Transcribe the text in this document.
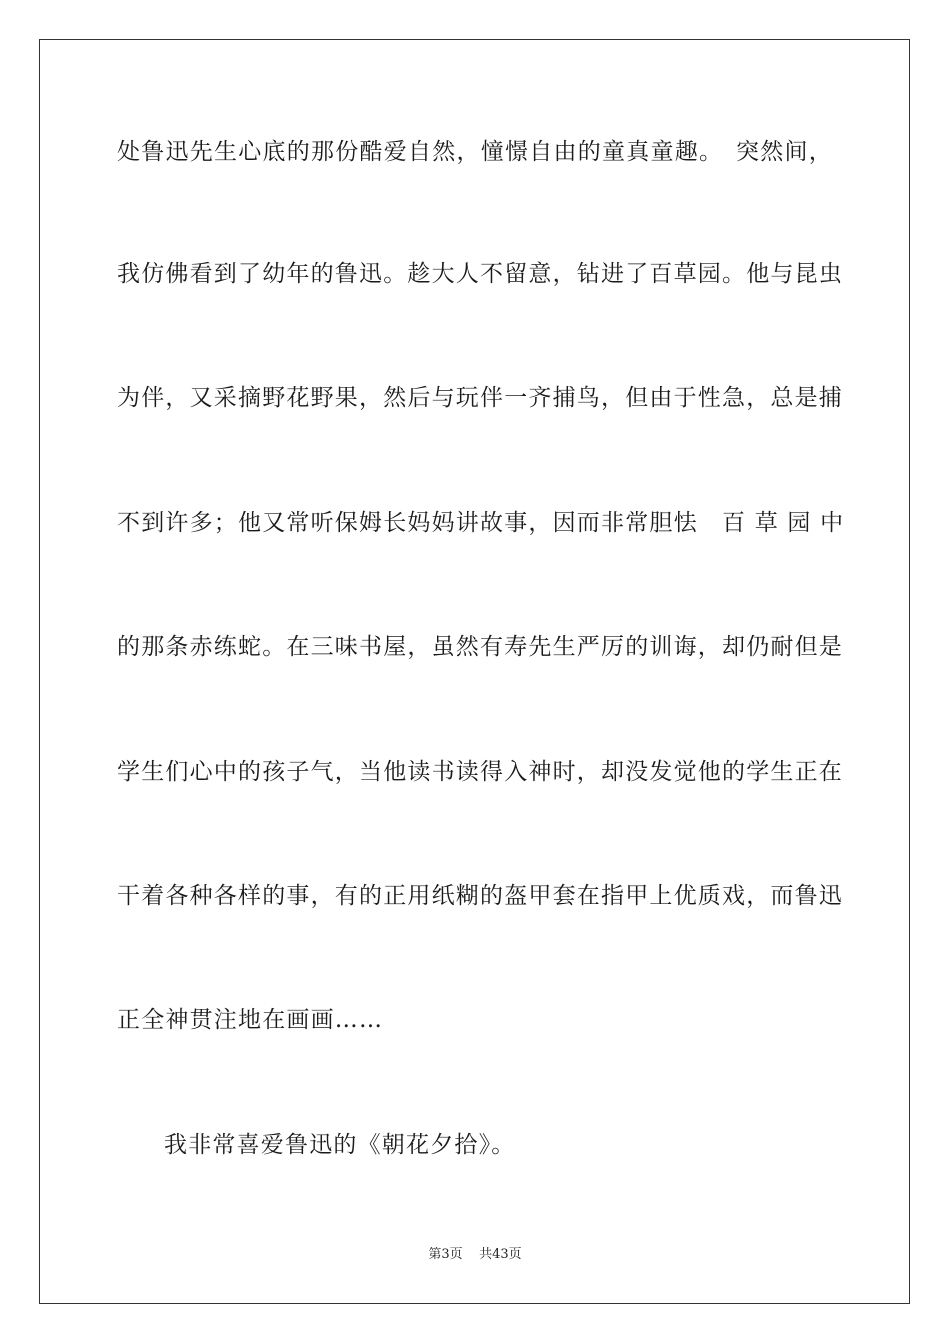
处鲁迅先生心底的那份酷爱自然，憧憬自由的童真童趣。　突然间，
我仿佛看到了幼年的鲁迅。趁大人不留意，钻进了百草园。他与昆虫
为伴，又采摘野花野果，然后与玩伴一齐捕鸟，但由于性急，总是捕
不到许多；他又常听保姆长妈妈讲故事，因而非常胆怯　百 草 园 中
的那条赤练蛇。在三味书屋，虽然有寿先生严厉的训诲，却仍耐但是
学生们心中的孩子气，当他读书读得入神时，却没发觉他的学生正在
干着各种各样的事，有的正用纸糊的盔甲套在指甲上优质戏，而鲁迅
正全神贯注地在画画……
我非常喜爱鲁迅的《朝花夕拾》。
第3页 共43页
